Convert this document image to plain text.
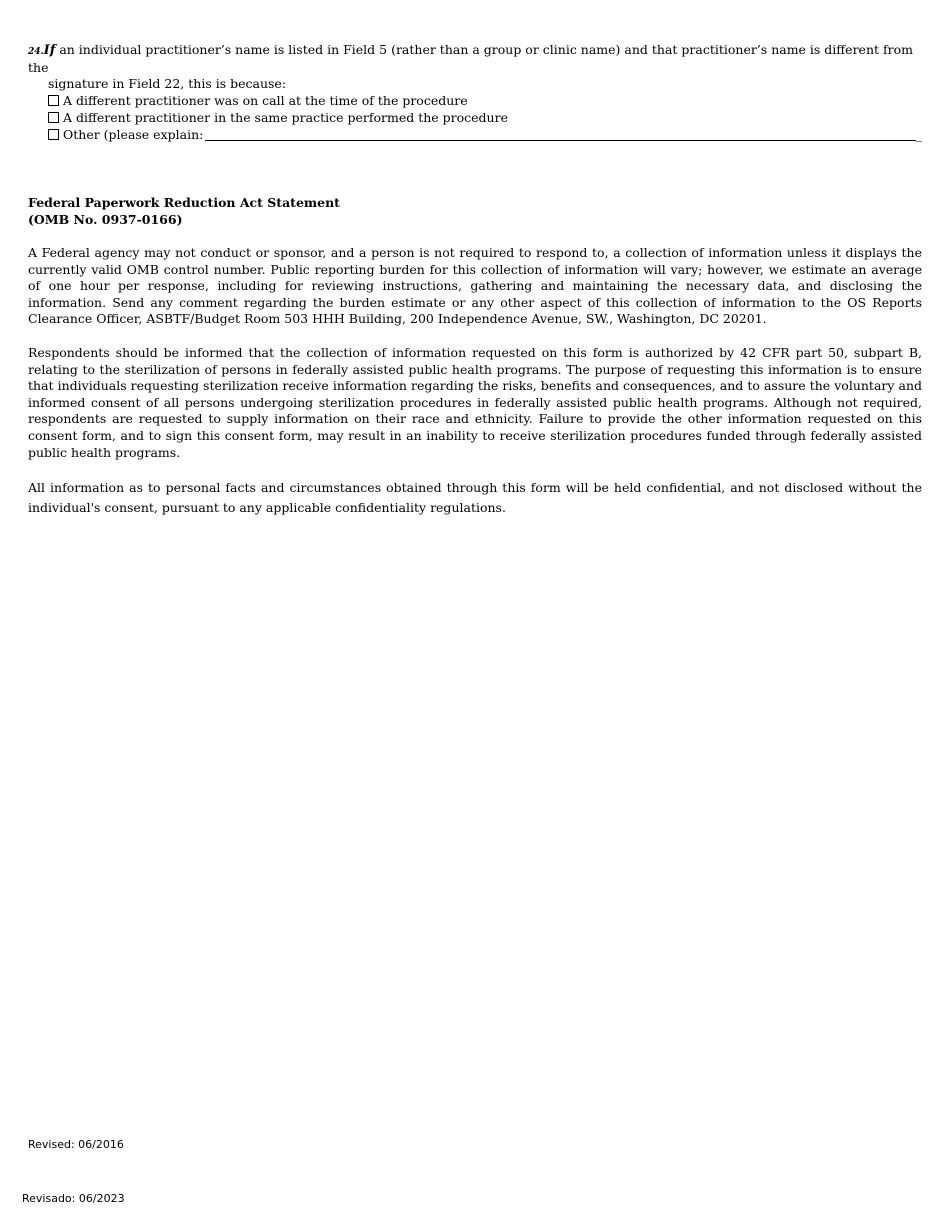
24.If an individual practitioner’s name is listed in Field 5 (rather than a group or clinic name) and that practitioner’s name is different from the
signature in Field 22, this is because:
A different practitioner was on call at the time of the procedure
A different practitioner in the same practice performed the procedure
Other (please explain:	_
Federal Paperwork Reduction Act Statement
(OMB No. 0937-0166)
A Federal agency may not conduct or sponsor, and a person is not required to respond to, a collection of information unless it displays the currently valid OMB control number. Public reporting burden for this collection of information will vary; however, we estimate an average of one hour per response, including for reviewing instructions, gathering and maintaining the necessary data, and disclosing the information. Send any comment regarding the burden estimate or any other aspect of this collection of information to the OS Reports Clearance Officer, ASBTF/Budget Room 503 HHH Building, 200 Independence Avenue, SW., Washington, DC 20201.
Respondents should be informed that the collection of information requested on this form is authorized by 42 CFR part 50, subpart B, relating to the sterilization of persons in federally assisted public health programs. The purpose of requesting this information is to ensure that individuals requesting sterilization receive information regarding the risks, benefits and consequences, and to assure the voluntary and informed consent of all persons undergoing sterilization procedures in federally assisted public health programs. Although not required, respondents are requested to supply information on their race and ethnicity. Failure to provide the other information requested on this consent form, and to sign this consent form, may result in an inability to receive sterilization procedures funded through federally assisted public health programs.
All information as to personal facts and circumstances obtained through this form will be held confidential, and not disclosed without the individual's consent, pursuant to any applicable confidentiality regulations.
Revised: 06/2016
Revisado: 06/2023
